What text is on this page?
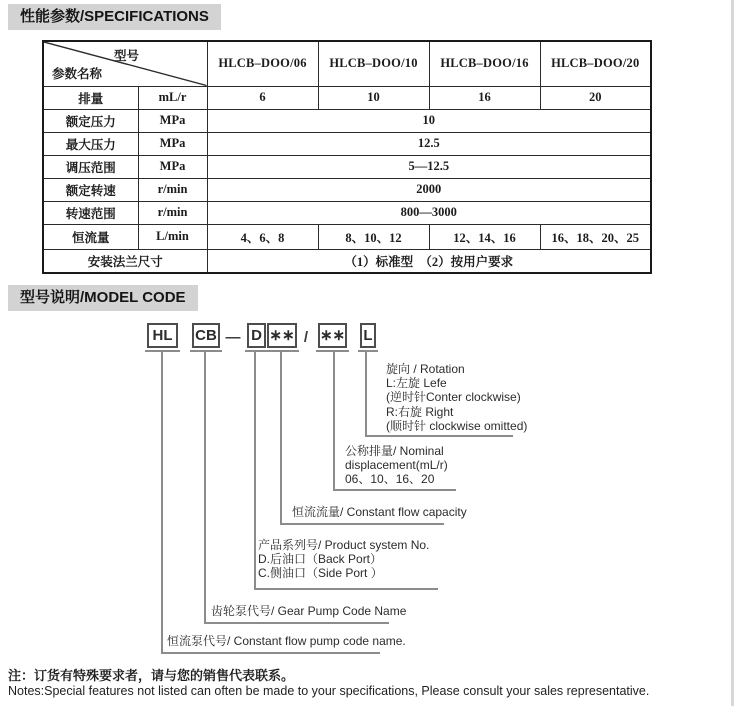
性能参数/SPECIFICATIONS
型号
参数名称		HLCB–DOO/06	HLCB–DOO/10	HLCB–DOO/16	HLCB–DOO/20
排量	mL/r	6	10	16	20
额定压力	MPa	10			
最大压力	MPa	12.5			
调压范围	MPa	5—12.5			
额定转速	r/min	2000			
转速范围	r/min	800—3000			
恒流量	L/min	4、6、8	8、10、12	12、14、16	16、18、20、25
安装法兰尺寸		（1）标准型　（2）按用户要求			
型号说明/MODEL CODE
HL	CB — D ∗∗ / ∗∗ L
旋向 / Rotation
L:左旋 Lefe
(逆时针Conter clockwise)
R:右旋 Right
(顺时针 clockwise omitted)
公称排量/ Nominal
displacement(mL/r)
06、10、16、20
恒流流量/ Constant flow capacity
产品系列号/ Product system No.
D.后油口（Back Port）
C.侧油口（Side Port ）
齿轮泵代号/ Gear Pump Code Name
恒流泵代号/ Constant flow pump code name.
注：订货有特殊要求者，请与您的销售代表联系。
Notes:Special features not listed can often be made to your specifications, Please consult your sales representative.
